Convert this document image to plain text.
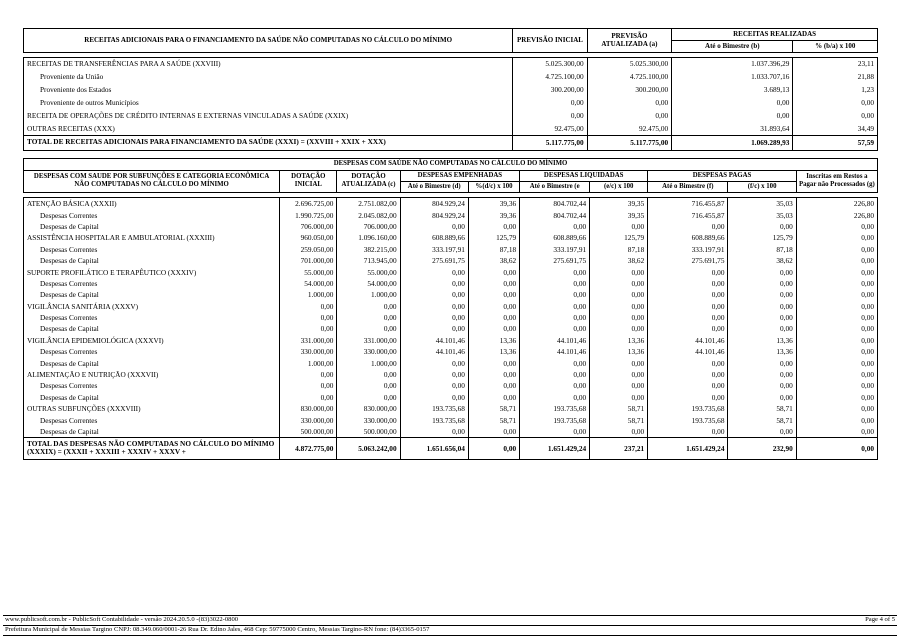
RECEITAS ADICIONAIS PARA O FINANCIAMENTO DA SAÚDE NÃO COMPUTADAS NO CÁLCULO DO MÍNIMO	PREVISÃO INICIAL	PREVISÃO ATUALIZADA (a)	RECEITAS REALIZADAS	
			Até o Bimestre (b)	% (b/a) x 100
RECEITAS DE TRANSFERÊNCIAS PARA A SAÚDE (XXVIII)	5.025.300,00	5.025.300,00	1.037.396,29	23,11
Proveniente da União	4.725.100,00	4.725.100,00	1.033.707,16	21,88
Proveniente dos Estados	300.200,00	300.200,00	3.689,13	1,23
Proveniente de outros Municípios	0,00	0,00	0,00	0,00
RECEITA DE OPERAÇÕES DE CRÉDITO INTERNAS E EXTERNAS VINCULADAS A SAÚDE (XXIX)	0,00	0,00	0,00	0,00
OUTRAS RECEITAS (XXX)	92.475,00	92.475,00	31.893,64	34,49
TOTAL DE RECEITAS ADICIONAIS PARA FINANCIAMENTO DA SAÚDE (XXXI) = (XXVIII + XXIX + XXX)	5.117.775,00	5.117.775,00	1.069.289,93	57,59
DESPESAS COM SAÚDE NÃO COMPUTADAS NO CÁLCULO DO MÍNIMO									
DESPESAS COM SAUDE POR SUBFUNÇÕES E CATEGORIA ECONÔMICA NÃO COMPUTADAS NO CÁLCULO DO MÍNIMO	DOTAÇÃO INICIAL	DOTAÇÃO ATUALIZADA (c)	DESPESAS EMPENHADAS		DESPESAS LIQUIDADAS		DESPESAS PAGAS		Inscritas em Restos a Pagar não Processados (g)
			Até o Bimestre (d)	%(d/c) x 100	Até o Bimestre (e	(e/c) x 100	Até o Bimestre (f)	(f/c) x 100	
ATENÇÃO BÁSICA (XXXII)	2.696.725,00	2.751.082,00	804.929,24	39,36	804.702,44	39,35	716.455,87	35,03	226,80
Despesas Correntes	1.990.725,00	2.045.082,00	804.929,24	39,36	804.702,44	39,35	716.455,87	35,03	226,80
Despesas de Capital	706.000,00	706.000,00	0,00	0,00	0,00	0,00	0,00	0,00	0,00
ASSISTÊNCIA HOSPITALAR E AMBULATORIAL (XXXIII)	960.050,00	1.096.160,00	608.889,66	125,79	608.889,66	125,79	608.889,66	125,79	0,00
Despesas Correntes	259.050,00	382.215,00	333.197,91	87,18	333.197,91	87,18	333.197,91	87,18	0,00
Despesas de Capital	701.000,00	713.945,00	275.691,75	38,62	275.691,75	38,62	275.691,75	38,62	0,00
SUPORTE PROFILÁTICO E TERAPÊUTICO (XXXIV)	55.000,00	55.000,00	0,00	0,00	0,00	0,00	0,00	0,00	0,00
Despesas Correntes	54.000,00	54.000,00	0,00	0,00	0,00	0,00	0,00	0,00	0,00
Despesas de Capital	1.000,00	1.000,00	0,00	0,00	0,00	0,00	0,00	0,00	0,00
VIGILÂNCIA SANITÁRIA (XXXV)	0,00	0,00	0,00	0,00	0,00	0,00	0,00	0,00	0,00
Despesas Correntes	0,00	0,00	0,00	0,00	0,00	0,00	0,00	0,00	0,00
Despesas de Capital	0,00	0,00	0,00	0,00	0,00	0,00	0,00	0,00	0,00
VIGILÂNCIA EPIDEMIOLÓGICA (XXXVI)	331.000,00	331.000,00	44.101,46	13,36	44.101,46	13,36	44.101,46	13,36	0,00
Despesas Correntes	330.000,00	330.000,00	44.101,46	13,36	44.101,46	13,36	44.101,46	13,36	0,00
Despesas de Capital	1.000,00	1.000,00	0,00	0,00	0,00	0,00	0,00	0,00	0,00
ALIMENTAÇÃO E NUTRIÇÃO (XXXVII)	0,00	0,00	0,00	0,00	0,00	0,00	0,00	0,00	0,00
Despesas Correntes	0,00	0,00	0,00	0,00	0,00	0,00	0,00	0,00	0,00
Despesas de Capital	0,00	0,00	0,00	0,00	0,00	0,00	0,00	0,00	0,00
OUTRAS SUBFUNÇÕES (XXXVIII)	830.000,00	830.000,00	193.735,68	58,71	193.735,68	58,71	193.735,68	58,71	0,00
Despesas Correntes	330.000,00	330.000,00	193.735,68	58,71	193.735,68	58,71	193.735,68	58,71	0,00
Despesas de Capital	500.000,00	500.000,00	0,00	0,00	0,00	0,00	0,00	0,00	0,00
TOTAL DAS DESPESAS NÃO COMPUTADAS NO CÁLCULO DO MÍNIMO (XXXIX) = (XXXII + XXXIII + XXXIV + XXXV +	4.872.775,00	5.063.242,00	1.651.656,04	0,00	1.651.429,24	237,21	1.651.429,24	232,90	0,00
www.publicsoft.com.br - PublicSoft Contabilidade - versão 2024.20.5.0 -(83)3022-0800	Page 4 of 5
Prefeitura Municipal de Messias Targino CNPJ: 08.349.060/0001-26 Rua Dr. Edino Jales, 468 Cep: 59775000 Centro, Messias Targino-RN fone: (84)3365-0157
